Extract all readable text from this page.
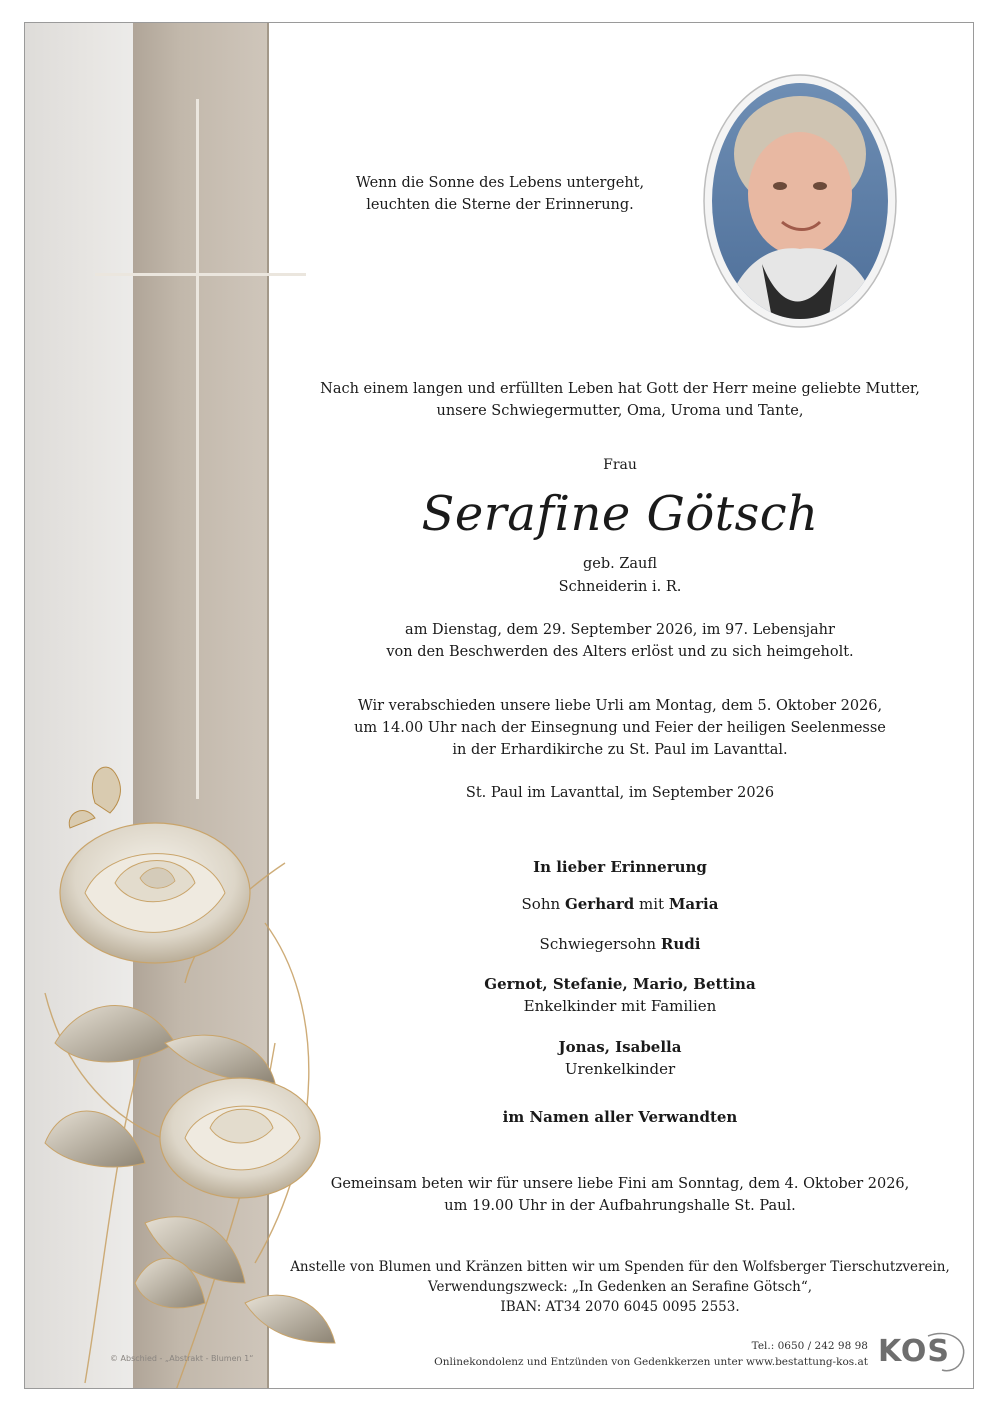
© Abschied - „Abstrakt - Blumen 1“
Wenn die Sonne des Lebens untergeht,
leuchten die Sterne der Erinnerung.
Nach einem langen und erfüllten Leben hat Gott der Herr meine geliebte Mutter,
unsere Schwiegermutter, Oma, Uroma und Tante,
Frau
Serafine Götsch
geb. Zaufl
Schneiderin i. R.
am Dienstag, dem 29. September 2026, im 97. Lebensjahr
von den Beschwerden des Alters erlöst und zu sich heimgeholt.
Wir verabschieden unsere liebe Urli am Montag, dem 5. Oktober 2026,
um 14.00 Uhr nach der Einsegnung und Feier der heiligen Seelenmesse
in der Erhardikirche zu St. Paul im Lavanttal.
St. Paul im Lavanttal, im September 2026
In lieber Erinnerung
Sohn Gerhard mit Maria
Schwiegersohn Rudi
Gernot, Stefanie, Mario, Bettina
Enkelkinder mit Familien
Jonas, Isabella
Urenkelkinder
im Namen aller Verwandten
Gemeinsam beten wir für unsere liebe Fini am Sonntag, dem 4. Oktober 2026,
um 19.00 Uhr in der Aufbahrungshalle St. Paul.
Anstelle von Blumen und Kränzen bitten wir um Spenden für den Wolfsberger Tierschutzverein,
Verwendungszweck: „In Gedenken an Serafine Götsch“,
IBAN: AT34 2070 6045 0095 2553.
Tel.: 0650 / 242 98 98
Onlinekondolenz und Entzünden von Gedenkkerzen unter www.bestattung-kos.at KOS
